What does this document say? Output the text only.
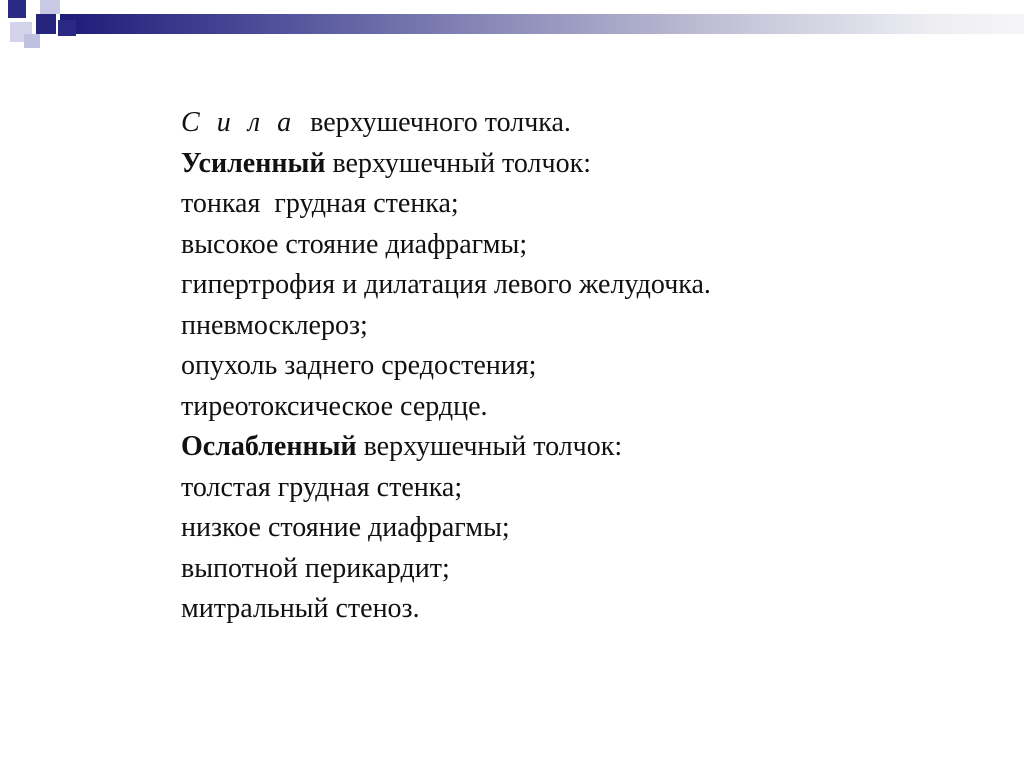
С и л а  верхушечного толчка.
Усиленный верхушечный толчок:
тонкая  грудная стенка;
высокое стояние диафрагмы;
гипертрофия и дилатация левого желудочка.
пневмосклероз;
опухоль заднего средостения;
тиреотоксическое сердце.
Ослабленный верхушечный толчок:
толстая грудная стенка;
низкое стояние диафрагмы;
выпотной перикардит;
митральный стеноз.
